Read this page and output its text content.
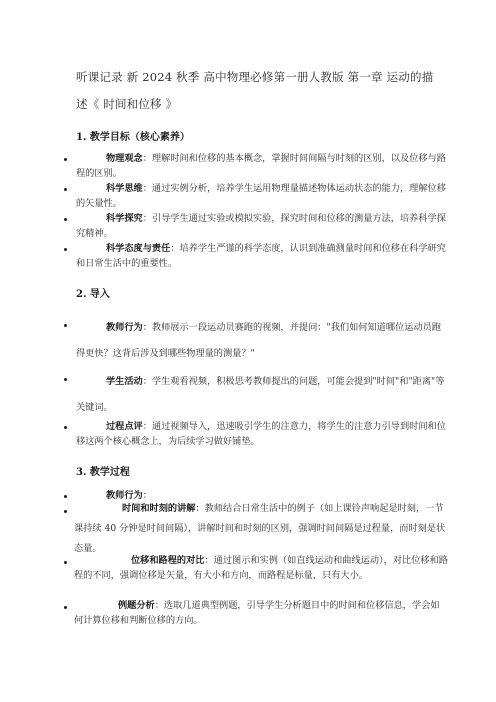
听课记录 新 2024 秋季 高中物理必修第一册人教版 第一章 运动的描述《 时间和位移 》
1. 教学目标（核心素养）
物理观念：理解时间和位移的基本概念，掌握时间间隔与时刻的区别，以及位移与路程的区别。
科学思维：通过实例分析，培养学生运用物理量描述物体运动状态的能力，理解位移的矢量性。
科学探究：引导学生通过实验或模拟实验，探究时间和位移的测量方法，培养科学探究精神。
科学态度与责任：培养学生严谨的科学态度，认识到准确测量时间和位移在科学研究和日常生活中的重要性。
2. 导入
教师行为：教师展示一段运动员赛跑的视频，并提问："我们如何知道哪位运动员跑得更快？这背后涉及到哪些物理量的测量？"
学生活动：学生观看视频，积极思考教师提出的问题，可能会提到"时间"和"距离"等关键词。
过程点评：通过视频导入，迅速吸引学生的注意力，将学生的注意力引导到时间和位移这两个核心概念上，为后续学习做好铺垫。
3. 教学过程
教师行为：
时间和时刻的讲解：教师结合日常生活中的例子（如上课铃声响起是时刻，一节课持续 40 分钟是时间间隔），讲解时间和时刻的区别，强调时间间隔是过程量，而时刻是状态量。
位移和路程的对比：通过图示和实例（如直线运动和曲线运动），对比位移和路程的不同，强调位移是矢量，有大小和方向，而路程是标量，只有大小。
例题分析：选取几道典型例题，引导学生分析题目中的时间和位移信息，学会如何计算位移和判断位移的方向。
